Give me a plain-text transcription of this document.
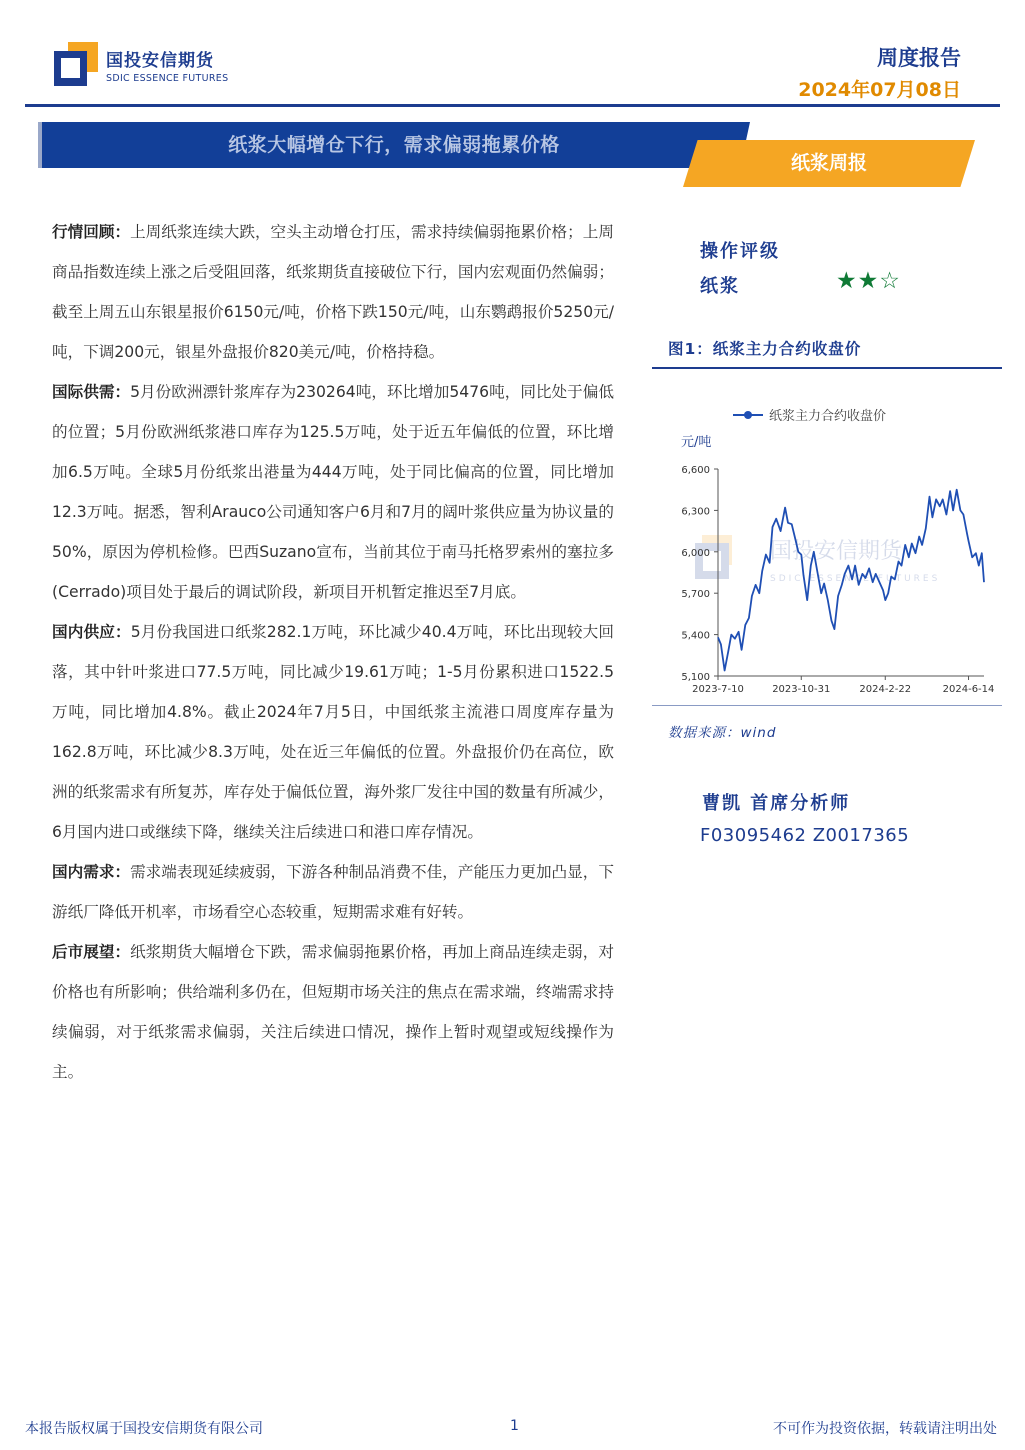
国投安信期货
SDIC ESSENCE FUTURES
周度报告
2024年07月08日
纸浆大幅增仓下行，需求偏弱拖累价格
纸浆周报

行情回顾：上周纸浆连续大跌，空头主动增仓打压，需求持续偏弱拖累价格；上周商品指数连续上涨之后受阻回落，纸浆期货直接破位下行，国内宏观面仍然偏弱；截至上周五山东银星报价6150元/吨，价格下跌150元/吨，山东鹦鹉报价5250元/吨，下调200元，银星外盘报价820美元/吨，价格持稳。

国际供需：5月份欧洲漂针浆库存为230264吨，环比增加5476吨，同比处于偏低的位置；5月份欧洲纸浆港口库存为125.5万吨，处于近五年偏低的位置，环比增加6.5万吨。全球5月份纸浆出港量为444万吨，处于同比偏高的位置，同比增加12.3万吨。据悉，智利Arauco公司通知客户6月和7月的阔叶浆供应量为协议量的50%，原因为停机检修。巴西Suzano宣布，当前其位于南马托格罗索州的塞拉多(Cerrado)项目处于最后的调试阶段，新项目开机暂定推迟至7月底。

国内供应：5月份我国进口纸浆282.1万吨，环比减少40.4万吨，环比出现较大回落，其中针叶浆进口77.5万吨，同比减少19.61万吨；1-5月份累积进口1522.5万吨，同比增加4.8%。截止2024年7月5日，中国纸浆主流港口周度库存量为162.8万吨，环比减少8.3万吨，处在近三年偏低的位置。外盘报价仍在高位，欧洲的纸浆需求有所复苏，库存处于偏低位置，海外浆厂发往中国的数量有所减少，6月国内进口或继续下降，继续关注后续进口和港口库存情况。

国内需求：需求端表现延续疲弱，下游各种制品消费不佳，产能压力更加凸显，下游纸厂降低开机率，市场看空心态较重，短期需求难有好转。

后市展望：纸浆期货大幅增仓下跌，需求偏弱拖累价格，再加上商品连续走弱，对价格也有所影响；供给端利多仍在，但短期市场关注的焦点在需求端，终端需求持续偏弱，对于纸浆需求偏弱，关注后续进口情况，操作上暂时观望或短线操作为主。

操作评级
纸浆	★★☆
图1：纸浆主力合约收盘价
国投安信期货
SDIC ESSENCE FUTURES
纸浆主力合约收盘价
元/吨
5,100
5,400
5,700
6,000
6,300
6,600
2023-7-10	2023-10-31	2024-2-22	2024-6-14
数据来源：wind
曹凯 首席分析师
F03095462 Z0017365
本报告版权属于国投安信期货有限公司	1	不可作为投资依据，转载请注明出处
